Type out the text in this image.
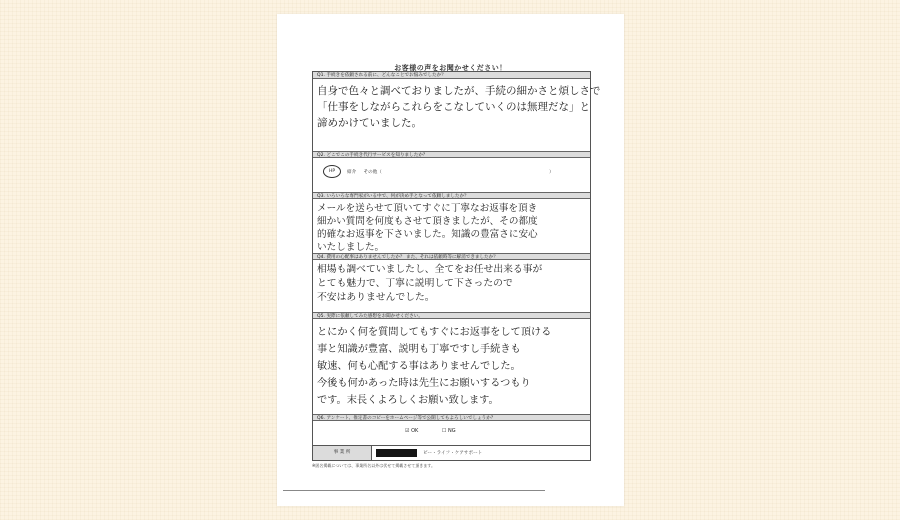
お客様の声をお聞かせください！
Q1. 手続きを依頼される前に、どんなことでお悩みでしたか？
自身で色々と調べておりましたが、手続の細かさと煩しさで
「仕事をしながらこれらをこなしていくのは無理だな」と
諦めかけていました。
Q2. どこでこの手続き代行サービスを知りましたか？
HP	紹介 その他（	）
Q3. いろいろな専門家がいる中で、何が決め手となって依頼しましたか？
メールを送らせて頂いてすぐに丁寧なお返事を頂き
細かい質問を何度もさせて頂きましたが、その都度
的確なお返事を下さいました。知識の豊富さに安心
いたしました。
Q4. 費用の心配事はありませんでしたか？ また、それは依頼時等に解消できましたか？
相場も調べていましたし、全てをお任せ出来る事が
とても魅力で、丁寧に説明して下さったので
不安はありませんでした。
Q5. 実際に依頼してみた感想をお聞かせください。
とにかく何を質問してもすぐにお返事をして頂ける
事と知識が豊富、説明も丁寧ですし手続きも
敏速、何も心配する事はありませんでした。
今後も何かあった時は先生にお願いするつもり
です。末長くよろしくお願い致します。
Q6. アンケート、推定書のコピーをホームページ等で公開してもよろしいでしょうか？
☑ OK	☐ NG
事 業 所	ビー・ライフ・ケアサポート
※匿名掲載については、事業所名以外は伏せて掲載させて頂きます。
